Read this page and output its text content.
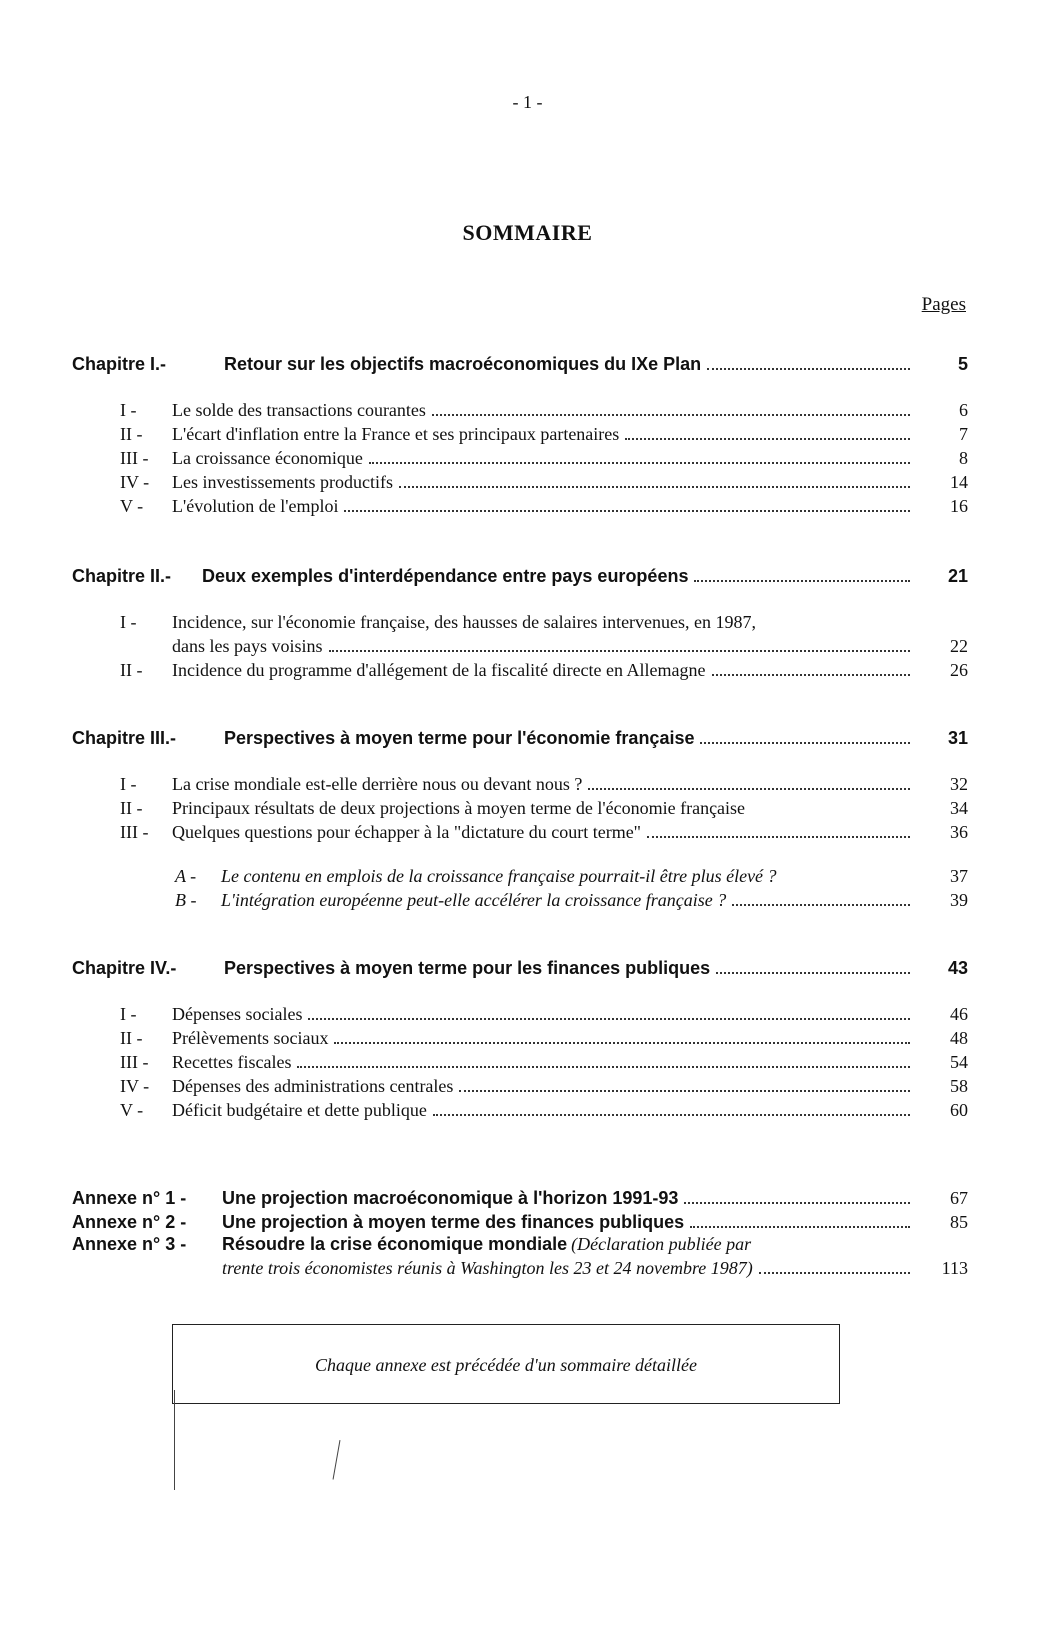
- 1 -
SOMMAIRE
Pages
Chapitre I.-	Retour sur les objectifs macroéconomiques du IXe Plan	5
I -	Le solde des transactions courantes	6
II -	L'écart d'inflation entre la France et ses principaux partenaires	7
III -	La croissance économique	8
IV -	Les investissements productifs	14
V -	L'évolution de l'emploi	16
Chapitre II.-	Deux exemples d'interdépendance entre pays européens	21
I -	Incidence, sur l'économie française, des hausses de salaires intervenues, en 1987,
dans les pays voisins	22
II -	Incidence du programme d'allégement de la fiscalité directe en Allemagne	26
Chapitre III.-	Perspectives à moyen terme pour l'économie française	31
I -	La crise mondiale est-elle derrière nous ou devant nous ?	32
II -	Principaux résultats de deux projections à moyen terme de l'économie française	34
III -	Quelques questions pour échapper à la "dictature du court terme"	36
A -	Le contenu en emplois de la croissance française pourrait-il être plus élevé ?	37
B -	L'intégration européenne peut-elle accélérer la croissance française ?	39
Chapitre IV.-	Perspectives à moyen terme pour les finances publiques	43
I -	Dépenses sociales	46
II -	Prélèvements sociaux	48
III -	Recettes fiscales	54
IV -	Dépenses des administrations centrales	58
V -	Déficit budgétaire et dette publique	60
Annexe n° 1 -	Une projection macroéconomique à l'horizon 1991-93	67
Annexe n° 2 -	Une projection à moyen terme des finances publiques	85
Annexe n° 3 -	Résoudre la crise économique mondiale (Déclaration publiée par
trente trois économistes réunis à Washington les 23 et 24 novembre 1987)	113
Chaque annexe est précédée d'un sommaire détaillée
